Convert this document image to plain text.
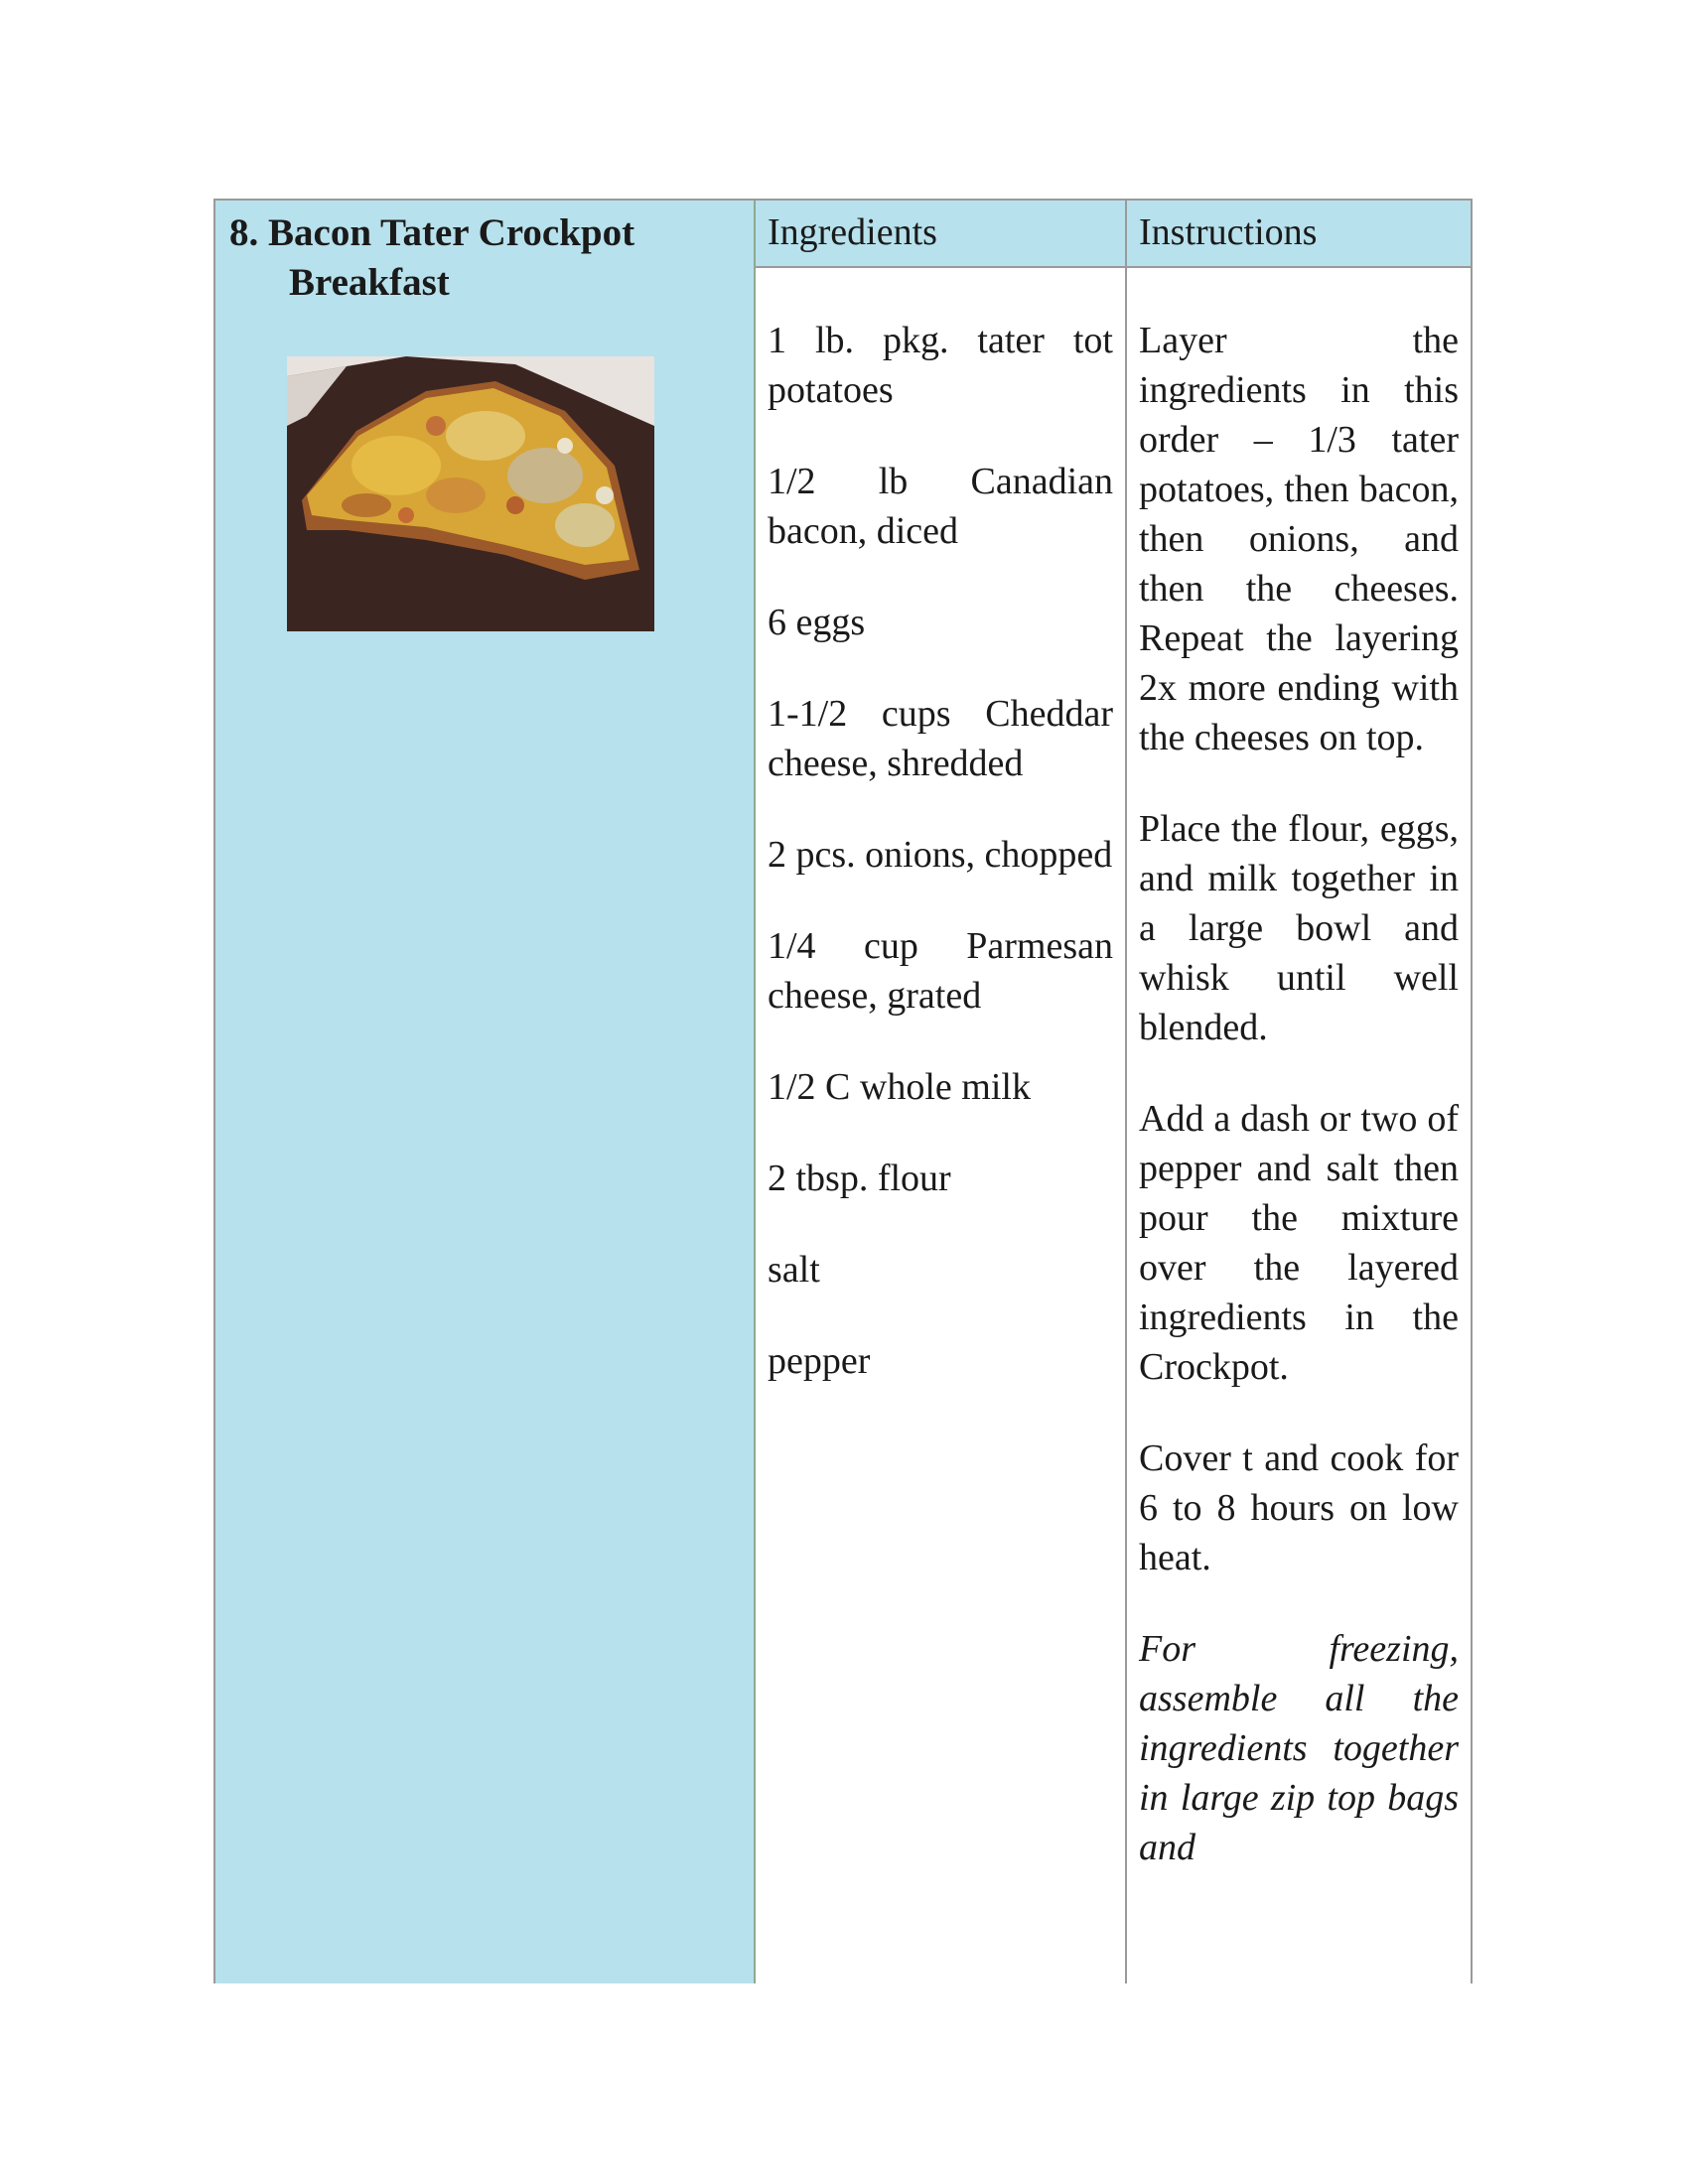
8. Bacon Tater Crockpot
Breakfast
Ingredients

1 lb. pkg. tater tot potatoes

1/2 lb Canadian bacon, diced

6 eggs

1-1/2 cups Cheddar cheese, shredded

2 pcs. onions, chopped

1/4 cup Parmesan cheese, grated

1/2 C whole milk

2 tbsp. flour

salt

pepper

Instructions

Layer the ingredients in this order – 1/3 tater potatoes, then bacon, then onions, and then the cheeses. Repeat the layering 2x more ending with the cheeses on top.

Place the flour, eggs, and milk together in a large bowl and whisk until well blended.

Add a dash or two of pepper and salt then pour the mixture over the layered ingredients in the Crockpot.

Cover t and cook for 6 to 8 hours on low heat.

For freezing, assemble all the ingredients together in large zip top bags and
